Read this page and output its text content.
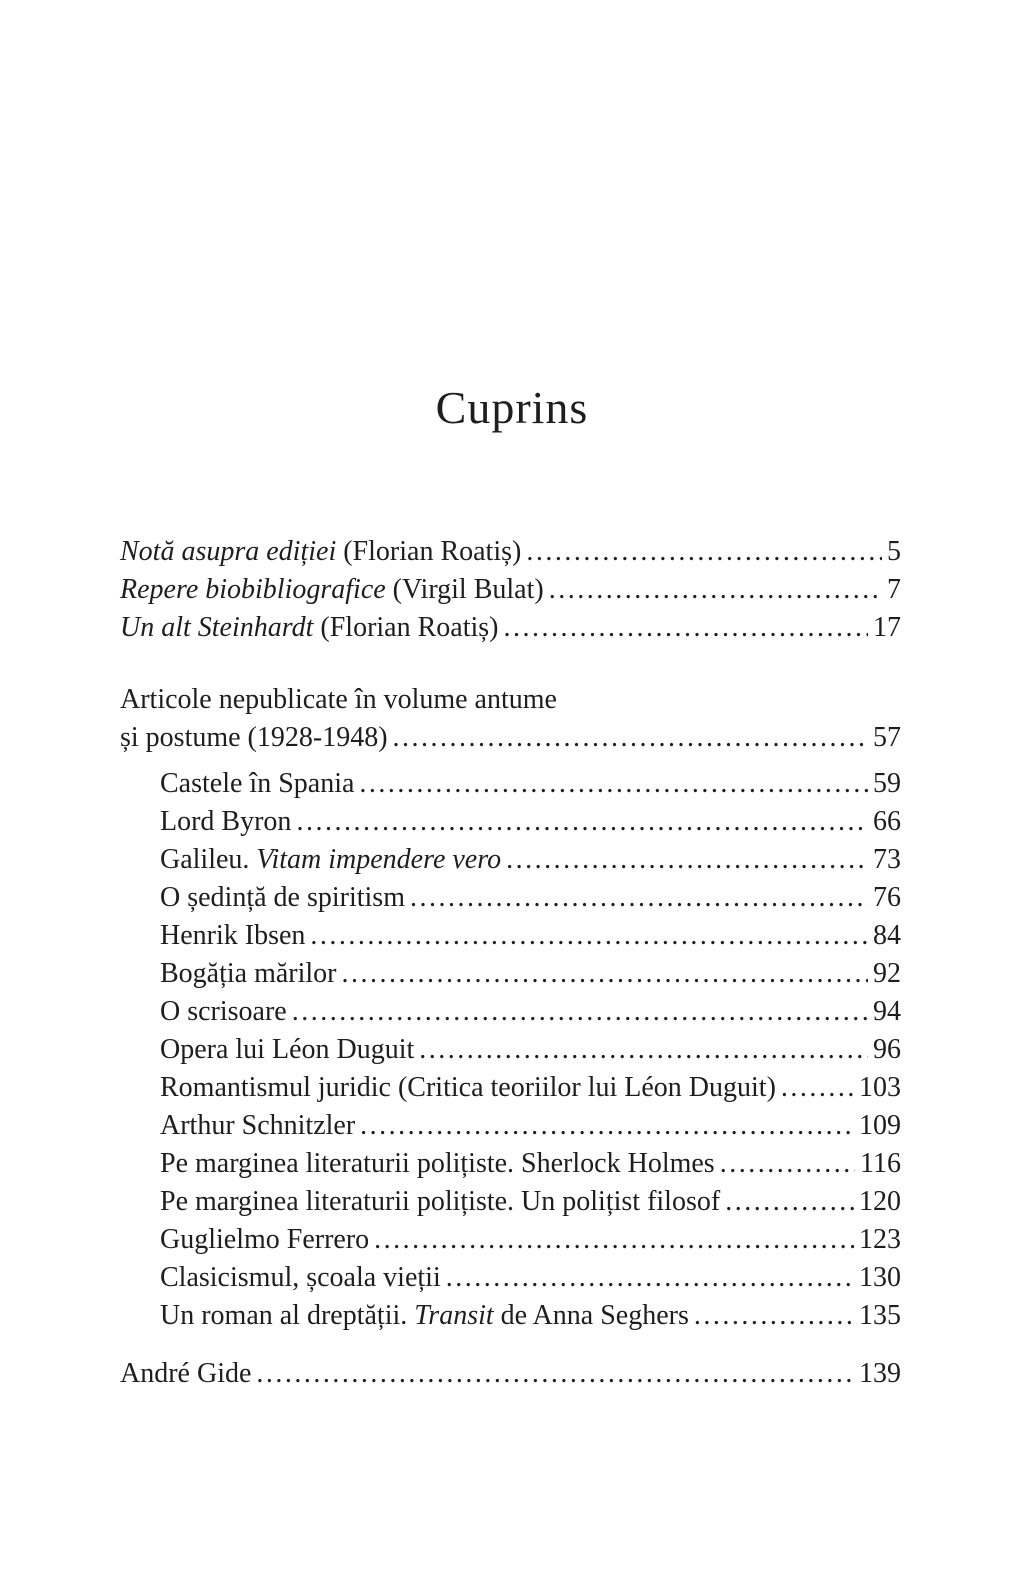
Cuprins
Notă asupra ediției (Florian Roatiș) .....	5
Repere biobibliografice (Virgil Bulat) .....	7
Un alt Steinhardt (Florian Roatiș) .....	17
Articole nepublicate în volume antume
și postume (1928-1948) .....	57
Castele în Spania .....	59
Lord Byron .....	66
Galileu. Vitam impendere vero .....	73
O ședință de spiritism .....	76
Henrik Ibsen .....	84
Bogăția mărilor .....	92
O scrisoare .....	94
Opera lui Léon Duguit .....	96
Romantismul juridic (Critica teoriilor lui Léon Duguit) .....	103
Arthur Schnitzler .....	109
Pe marginea literaturii polițiste. Sherlock Holmes .....	116
Pe marginea literaturii polițiste. Un polițist filosof .....	120
Guglielmo Ferrero .....	123
Clasicismul, școala vieții .....	130
Un roman al dreptății. Transit de Anna Seghers .....	135
André Gide .....	139
